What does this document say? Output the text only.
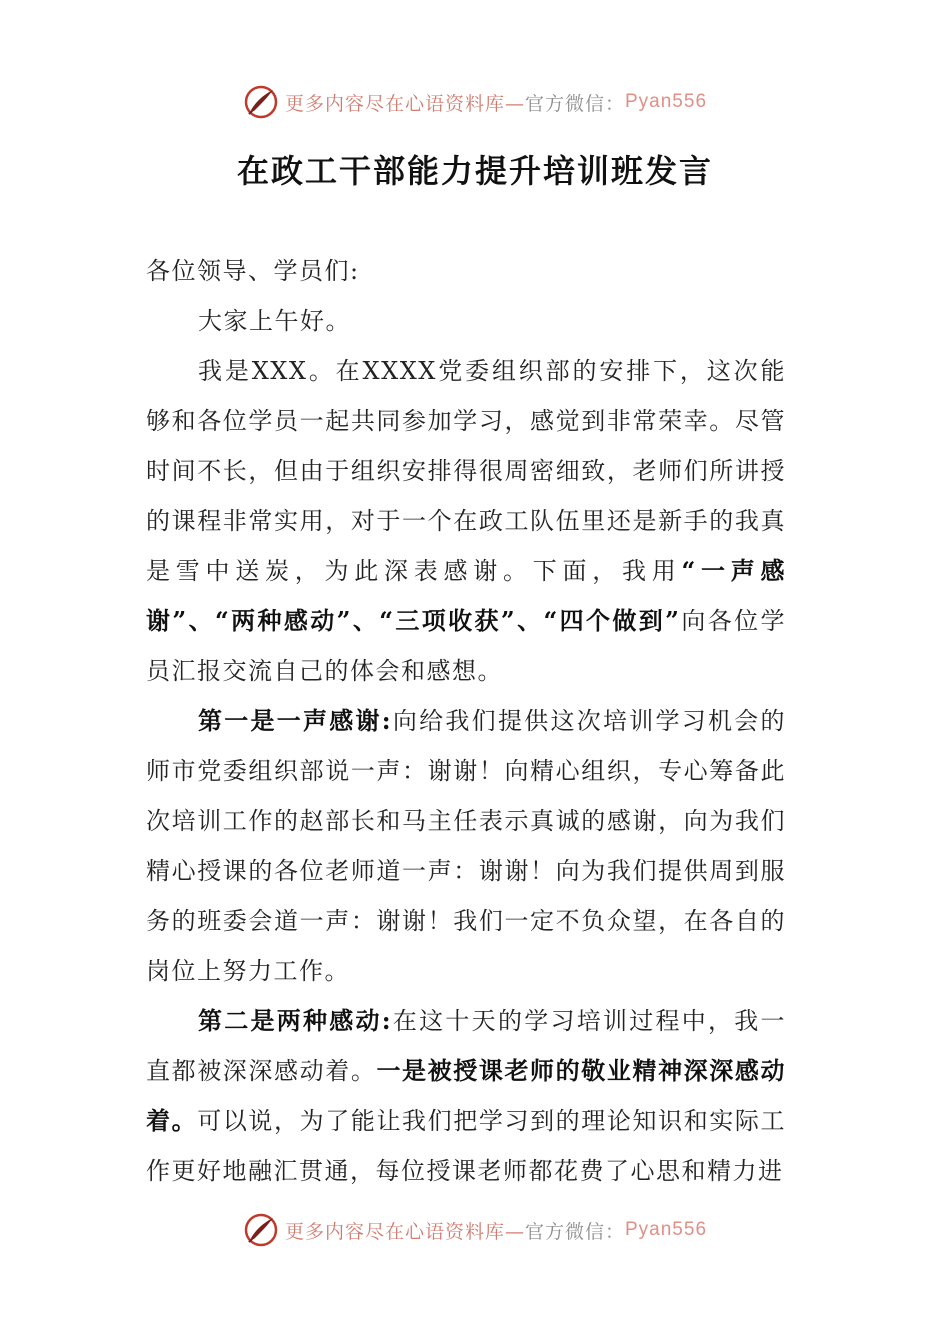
更多内容尽在心语资料库— 官方微信： Pyan556
在政工干部能力提升培训班发言

各位领导、学员们:

大家上午好。

我是XXX。在XXXX党委组织部的安排下，这次能够和各位学员一起共同参加学习，感觉到非常荣幸。尽管时间不长，但由于组织安排得很周密细致，老师们所讲授的课程非常实用，对于一个在政工队伍里还是新手的我真是雪中送炭，为此深表感谢。下面，我用“一声感谢”、“两种感动”、“三项收获”、“四个做到”向各位学员汇报交流自己的体会和感想。

第一是一声感谢:向给我们提供这次培训学习机会的师市党委组织部说一声：谢谢！向精心组织，专心筹备此次培训工作的赵部长和马主任表示真诚的感谢，向为我们精心授课的各位老师道一声：谢谢！向为我们提供周到服务的班委会道一声：谢谢！我们一定不负众望，在各自的岗位上努力工作。

第二是两种感动:在这十天的学习培训过程中，我一直都被深深感动着。一是被授课老师的敬业精神深深感动着。可以说，为了能让我们把学习到的理论知识和实际工作更好地融汇贯通，每位授课老师都花费了心思和精力进

更多内容尽在心语资料库— 官方微信： Pyan556
